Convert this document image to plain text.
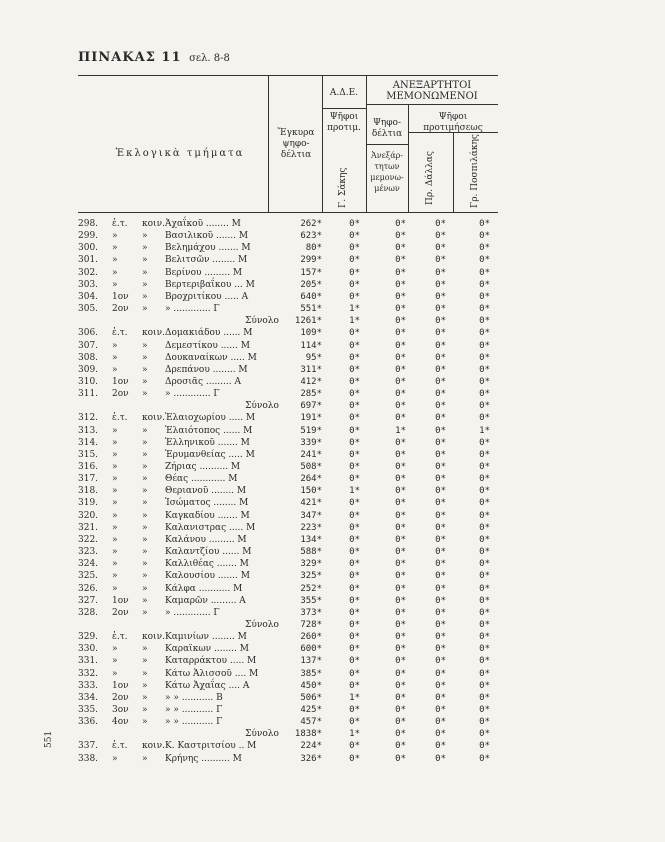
ΠΙΝΑΚΑΣ 11 σελ. 8-8
Ἐκλογικὰ τμήματα
Ἔγκυρα
ψηφο-
δέλτια
Α.Δ.Ε.
Ψῆφοι
προτιμ.
Γ. Σάκης
ΑΝΕΞΑΡΤΗΤΟΙ
ΜΕΜΟΝΩΜΕΝΟΙ
Ψηφο-
δέλτια
Ψῆφοι προτιμήσεως
Ἀνεξάρ-
τητων
μεμονω-
μένων	Πρ. Δάλλας	Γρ. Ποσπιλάκης
298. ἐ.τ. κοιν. Ἀχαΐκοῦ ........ Μ	262*	0*	0*	0*	0*
299. »	» Βασιλικοῦ ....... Μ	623*	0*	0*	0*	0*
300. »	» Βελημάχου ....... Μ	80*	0*	0*	0*	0*
301. »	» Βελιτσῶν ........ Μ	299*	0*	0*	0*	0*
302. »	» Βερίνου ......... Μ	157*	0*	0*	0*	0*
303. »	» Βερτεριβαΐκου ... Μ	205*	0*	0*	0*	0*
304. 1ον » Βροχριτίκου ..... Α	640*	0*	0*	0*	0*
305. 2ον » » ............. Γ	551*	1*	0*	0*	0*
Σύνολο	1261*	1*	0*	0*	0*
306. ἐ.τ. κοιν. Δομακιάδου ...... Μ	109*	0*	0*	0*	0*
307. »	» Δεμεστίκου ...... Μ	114*	0*	0*	0*	0*
308. »	» Δουκαναίκων ..... Μ	95*	0*	0*	0*	0*
309. »	» Δρεπάνου ........ Μ	311*	0*	0*	0*	0*
310. 1ον » Δροσιᾶς ......... Α	412*	0*	0*	0*	0*
311. 2ον » » ............. Γ	285*	0*	0*	0*	0*
Σύνολο	697*	0*	0*	0*	0*
312. ἐ.τ. κοιν. Ἐλαιοχωρίου ..... Μ	191*	0*	0*	0*	0*
313. »	» Ἐλαιότοπος ...... Μ	519*	0*	1*	0*	1*
314. »	» Ἑλληνικοῦ ....... Μ	339*	0*	0*	0*	0*
315. »	» Ἐρυμανθείας ..... Μ	241*	0*	0*	0*	0*
316. »	» Ζήριας .......... Μ	508*	0*	0*	0*	0*
317. »	» Θέας ............ Μ	264*	0*	0*	0*	0*
318. »	» Θεριανοῦ ........ Μ	150*	1*	0*	0*	0*
319. »	» Ἰσώματος ........ Μ	421*	0*	0*	0*	0*
320. »	» Καγκαδίου ....... Μ	347*	0*	0*	0*	0*
321. »	» Καλανιστρας ..... Μ	223*	0*	0*	0*	0*
322. »	» Καλάνου ......... Μ	134*	0*	0*	0*	0*
323. »	» Καλαντζίου ...... Μ	588*	0*	0*	0*	0*
324. »	» Καλλιθέας ....... Μ	329*	0*	0*	0*	0*
325. »	» Καλουσίου ....... Μ	325*	0*	0*	0*	0*
326. »	» Κάλφα ........... Μ	252*	0*	0*	0*	0*
327. 1ον » Καμαρῶν ......... Α	355*	0*	0*	0*	0*
328. 2ον » » ............. Γ	373*	0*	0*	0*	0*
Σύνολο	728*	0*	0*	0*	0*
329. ἐ.τ. κοιν. Καμινίων ........ Μ	260*	0*	0*	0*	0*
330. »	» Καραϊκων ........ Μ	600*	0*	0*	0*	0*
331. »	» Καταρράκτου ..... Μ	137*	0*	0*	0*	0*
332. »	» Κάτω Ἀλισσοῦ .... Μ	385*	0*	0*	0*	0*
333. 1ον » Κάτω Ἀχαΐας .... Α	450*	0*	0*	0*	0*
334. 2ον » » » ........... Β	506*	1*	0*	0*	0*
335. 3ον » » » ........... Γ	425*	0*	0*	0*	0*
336. 4ον » » » ........... Γ	457*	0*	0*	0*	0*
Σύνολο	1838*	1*	0*	0*	0*
337. ἐ.τ. κοιν. Κ. Καστριτσίου .. Μ	224*	0*	0*	0*	0*
338. »	» Κρήνης .......... Μ	326*	0*	0*	0*	0*
551
